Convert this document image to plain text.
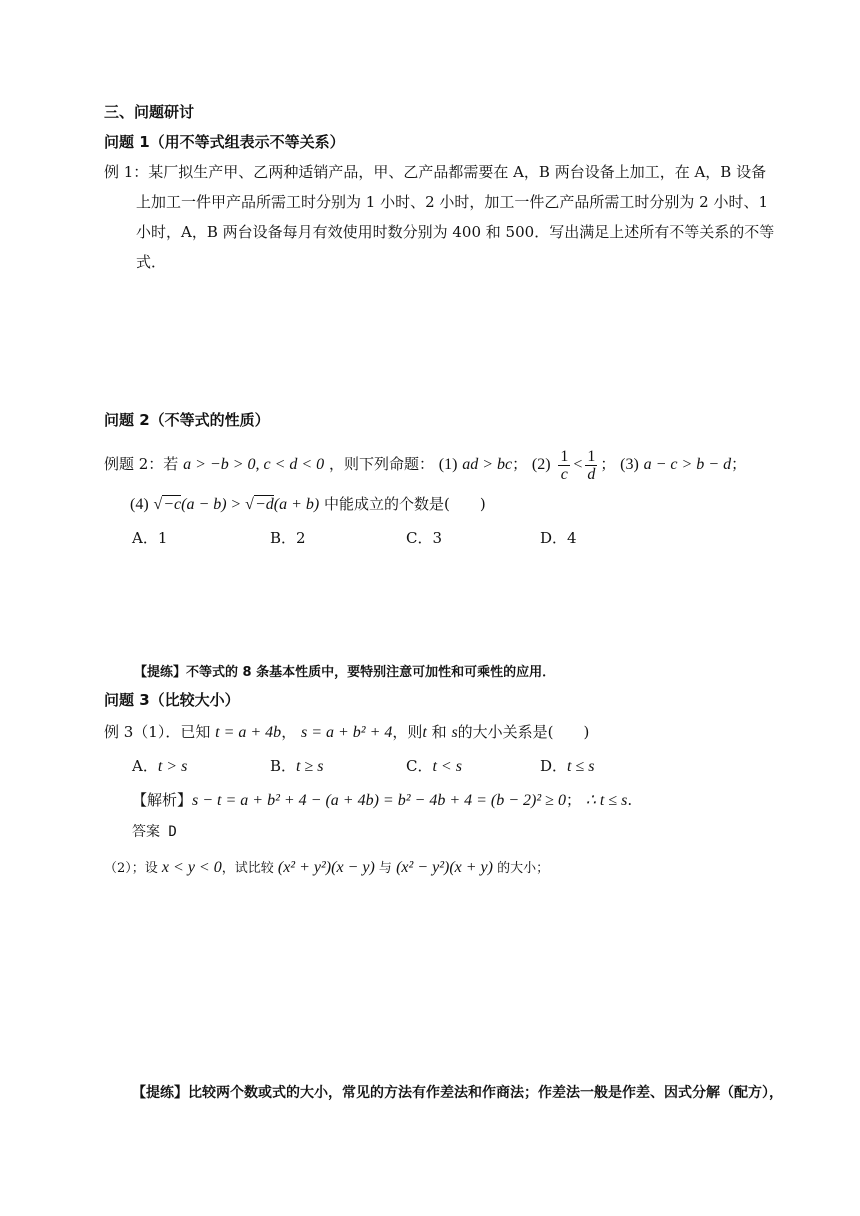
三、问题研讨
问题 1（用不等式组表示不等关系）
例 1：某厂拟生产甲、乙两种适销产品，甲、乙产品都需要在 A，B 两台设备上加工，在 A，B 设备
上加工一件甲产品所需工时分别为 1 小时、2 小时，加工一件乙产品所需工时分别为 2 小时、1
小时，A，B 两台设备每月有效使用时数分别为 400 和 500．写出满足上述所有不等关系的不等
式．
问题 2（不等式的性质）
例题 2：若 a > −b > 0, c < d < 0 ，则下列命题： (1) ad > bc； $(2) \frac{1}{c} < \frac{1}{d}$ ； (3) a − c > b − d；
(4) √−c(a − b) > √−d(a + b) 中能成立的个数是(　　)
A．1	B．2	C．3	D．4
【提练】不等式的 8 条基本性质中，要特别注意可加性和可乘性的应用．
问题 3（比较大小）
例 3（1）．已知 t = a + 4b， s = a + b² + 4，则t 和 s的大小关系是(　　)
A．t > s	B．t ≥ s	C．t < s	D．t ≤ s
【解析】s − t = a + b² + 4 − (a + 4b) = b² − 4b + 4 = (b − 2)² ≥ 0； ∴ t ≤ s.
答案 D
（2）；设 x < y < 0，试比较 (x² + y²)(x − y) 与 (x² − y²)(x + y) 的大小；
【提练】比较两个数或式的大小，常见的方法有作差法和作商法；作差法一般是作差、因式分解（配方），
